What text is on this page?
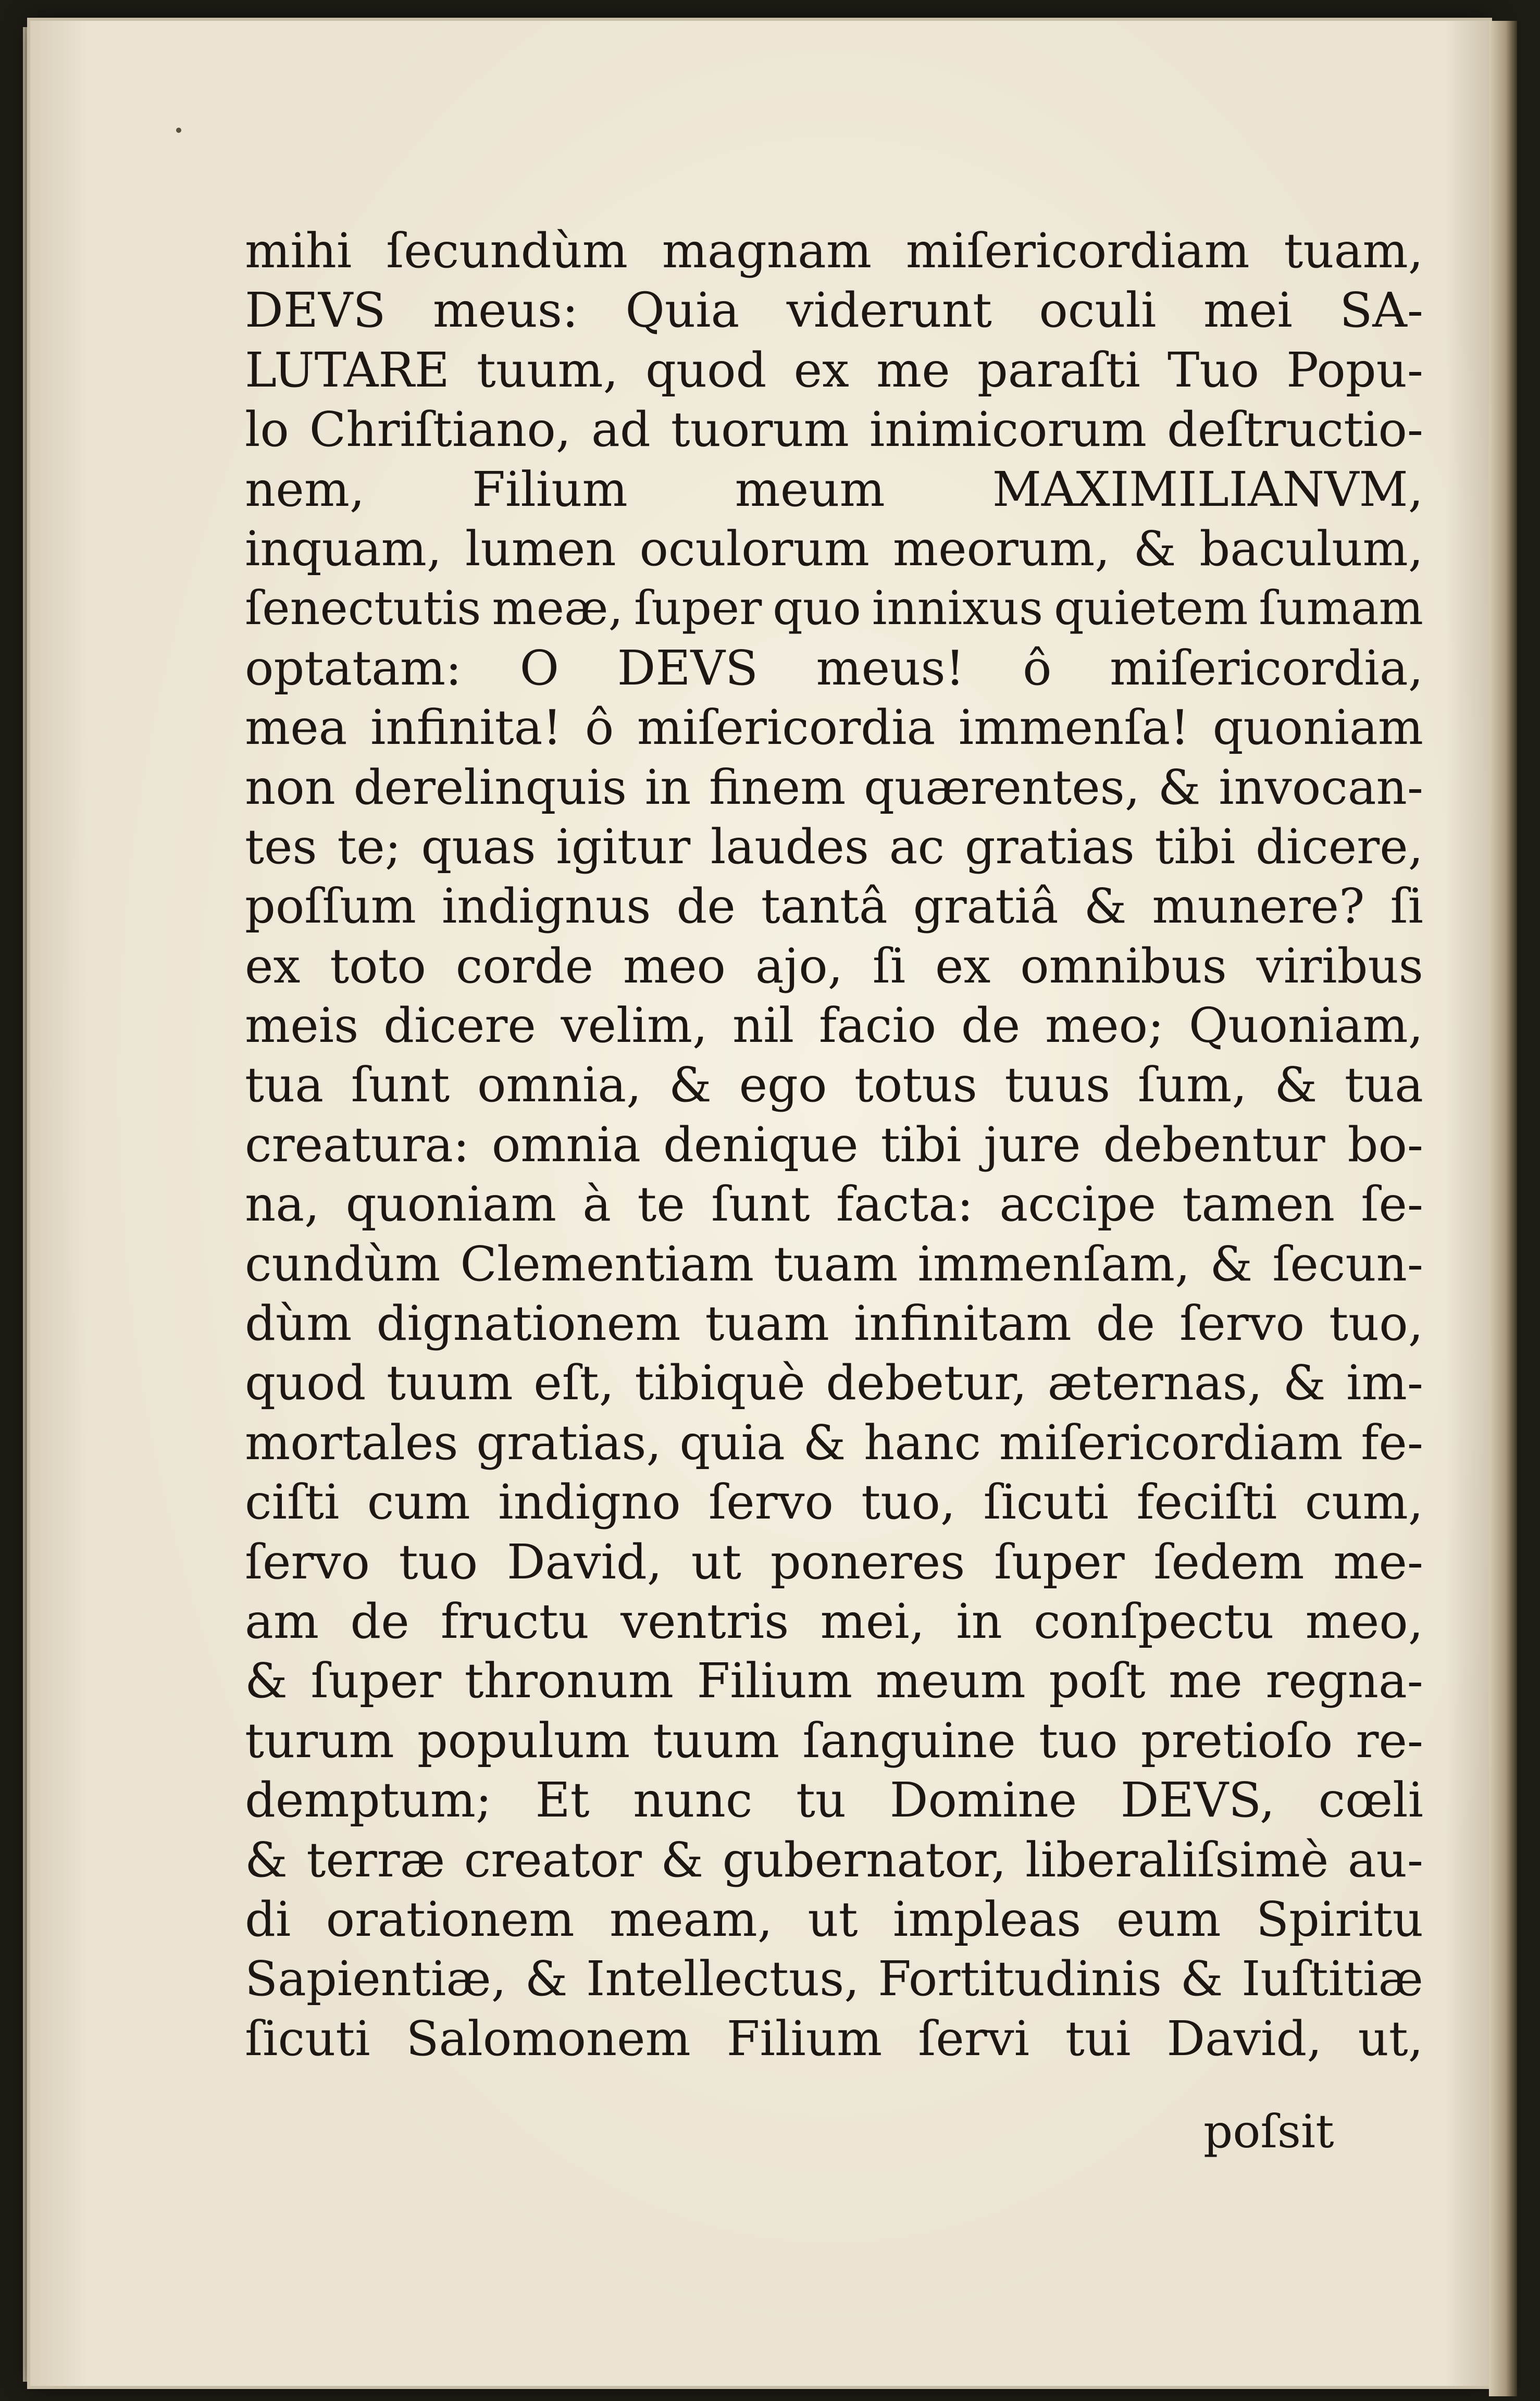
mihi ſecundùm magnam miſericordiam tuam,
DEVS meus: Quia viderunt oculi mei SA-
LUTARE tuum, quod ex me paraſti Tuo Popu-
lo Chriſtiano, ad tuorum inimicorum deſtructio-
nem, Filium meum MAXIMILIANVM,
inquam, lumen oculorum meorum, & baculum,
ſenectutis meæ, ſuper quo innixus quietem ſumam
optatam: O DEVS meus! ô miſericordia,
mea infinita! ô miſericordia immenſa! quoniam
non derelinquis in finem quærentes, & invocan-
tes te; quas igitur laudes ac gratias tibi dicere,
poſſum indignus de tantâ gratiâ & munere? ſi
ex toto corde meo ajo, ſi ex omnibus viribus
meis dicere velim, nil facio de meo; Quoniam,
tua ſunt omnia, & ego totus tuus ſum, & tua
creatura: omnia denique tibi jure debentur bo-
na, quoniam à te ſunt facta: accipe tamen ſe-
cundùm Clementiam tuam immenſam, & ſecun-
dùm dignationem tuam infinitam de ſervo tuo,
quod tuum eſt, tibiquè debetur, æternas, & im-
mortales gratias, quia & hanc miſericordiam fe-
ciſti cum indigno ſervo tuo, ſicuti feciſti cum,
ſervo tuo David, ut poneres ſuper ſedem me-
am de fructu ventris mei, in conſpectu meo,
& ſuper thronum Filium meum poſt me regna-
turum populum tuum ſanguine tuo pretioſo re-
demptum; Et nunc tu Domine DEVS, cœli
& terræ creator & gubernator, liberaliſsimè au-
di orationem meam, ut impleas eum Spiritu
Sapientiæ, & Intellectus, Fortitudinis & Iuſtitiæ
ſicuti Salomonem Filium ſervi tui David, ut,
poſsit
